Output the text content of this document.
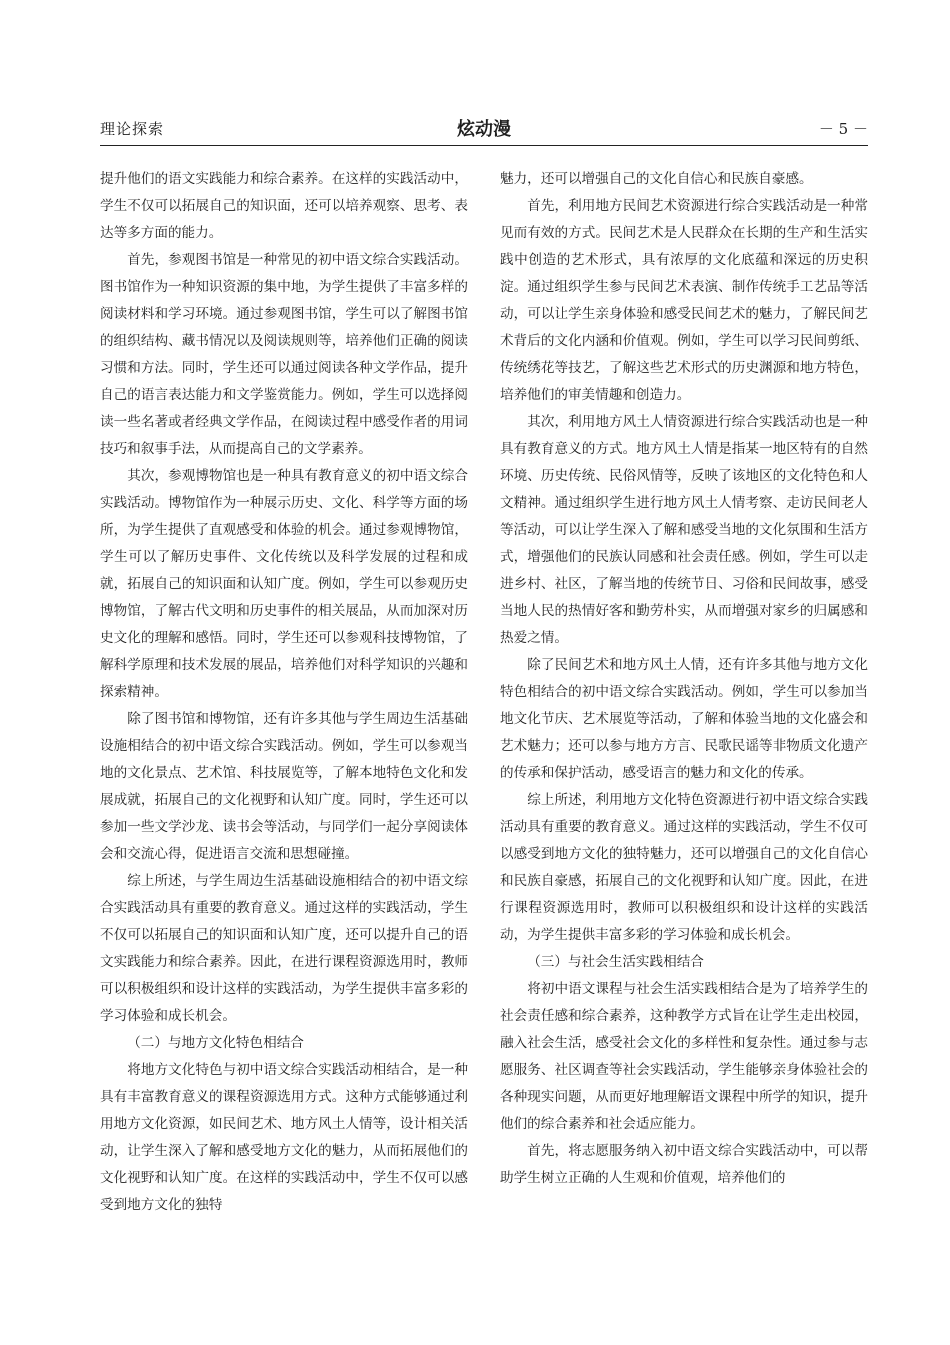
理论探索	炫动漫	－ 5 －

提升他们的语文实践能力和综合素养。在这样的实践活动中，学生不仅可以拓展自己的知识面，还可以培养观察、思考、表达等多方面的能力。

首先，参观图书馆是一种常见的初中语文综合实践活动。图书馆作为一种知识资源的集中地，为学生提供了丰富多样的阅读材料和学习环境。通过参观图书馆，学生可以了解图书馆的组织结构、藏书情况以及阅读规则等，培养他们正确的阅读习惯和方法。同时，学生还可以通过阅读各种文学作品，提升自己的语言表达能力和文学鉴赏能力。例如，学生可以选择阅读一些名著或者经典文学作品，在阅读过程中感受作者的用词技巧和叙事手法，从而提高自己的文学素养。

其次，参观博物馆也是一种具有教育意义的初中语文综合实践活动。博物馆作为一种展示历史、文化、科学等方面的场所，为学生提供了直观感受和体验的机会。通过参观博物馆，学生可以了解历史事件、文化传统以及科学发展的过程和成就，拓展自己的知识面和认知广度。例如，学生可以参观历史博物馆，了解古代文明和历史事件的相关展品，从而加深对历史文化的理解和感悟。同时，学生还可以参观科技博物馆，了解科学原理和技术发展的展品，培养他们对科学知识的兴趣和探索精神。

除了图书馆和博物馆，还有许多其他与学生周边生活基础设施相结合的初中语文综合实践活动。例如，学生可以参观当地的文化景点、艺术馆、科技展览等，了解本地特色文化和发展成就，拓展自己的文化视野和认知广度。同时，学生还可以参加一些文学沙龙、读书会等活动，与同学们一起分享阅读体会和交流心得，促进语言交流和思想碰撞。

综上所述，与学生周边生活基础设施相结合的初中语文综合实践活动具有重要的教育意义。通过这样的实践活动，学生不仅可以拓展自己的知识面和认知广度，还可以提升自己的语文实践能力和综合素养。因此，在进行课程资源选用时，教师可以积极组织和设计这样的实践活动，为学生提供丰富多彩的学习体验和成长机会。

（二）与地方文化特色相结合

将地方文化特色与初中语文综合实践活动相结合，是一种具有丰富教育意义的课程资源选用方式。这种方式能够通过利用地方文化资源，如民间艺术、地方风土人情等，设计相关活动，让学生深入了解和感受地方文化的魅力，从而拓展他们的文化视野和认知广度。在这样的实践活动中，学生不仅可以感受到地方文化的独特

魅力，还可以增强自己的文化自信心和民族自豪感。

首先，利用地方民间艺术资源进行综合实践活动是一种常见而有效的方式。民间艺术是人民群众在长期的生产和生活实践中创造的艺术形式，具有浓厚的文化底蕴和深远的历史积淀。通过组织学生参与民间艺术表演、制作传统手工艺品等活动，可以让学生亲身体验和感受民间艺术的魅力，了解民间艺术背后的文化内涵和价值观。例如，学生可以学习民间剪纸、传统绣花等技艺，了解这些艺术形式的历史渊源和地方特色，培养他们的审美情趣和创造力。

其次，利用地方风土人情资源进行综合实践活动也是一种具有教育意义的方式。地方风土人情是指某一地区特有的自然环境、历史传统、民俗风情等，反映了该地区的文化特色和人文精神。通过组织学生进行地方风土人情考察、走访民间老人等活动，可以让学生深入了解和感受当地的文化氛围和生活方式，增强他们的民族认同感和社会责任感。例如，学生可以走进乡村、社区，了解当地的传统节日、习俗和民间故事，感受当地人民的热情好客和勤劳朴实，从而增强对家乡的归属感和热爱之情。

除了民间艺术和地方风土人情，还有许多其他与地方文化特色相结合的初中语文综合实践活动。例如，学生可以参加当地文化节庆、艺术展览等活动，了解和体验当地的文化盛会和艺术魅力；还可以参与地方方言、民歌民谣等非物质文化遗产的传承和保护活动，感受语言的魅力和文化的传承。

综上所述，利用地方文化特色资源进行初中语文综合实践活动具有重要的教育意义。通过这样的实践活动，学生不仅可以感受到地方文化的独特魅力，还可以增强自己的文化自信心和民族自豪感，拓展自己的文化视野和认知广度。因此，在进行课程资源选用时，教师可以积极组织和设计这样的实践活动，为学生提供丰富多彩的学习体验和成长机会。

（三）与社会生活实践相结合

将初中语文课程与社会生活实践相结合是为了培养学生的社会责任感和综合素养，这种教学方式旨在让学生走出校园，融入社会生活，感受社会文化的多样性和复杂性。通过参与志愿服务、社区调查等社会实践活动，学生能够亲身体验社会的各种现实问题，从而更好地理解语文课程中所学的知识，提升他们的综合素养和社会适应能力。

首先，将志愿服务纳入初中语文综合实践活动中，可以帮助学生树立正确的人生观和价值观，培养他们的
